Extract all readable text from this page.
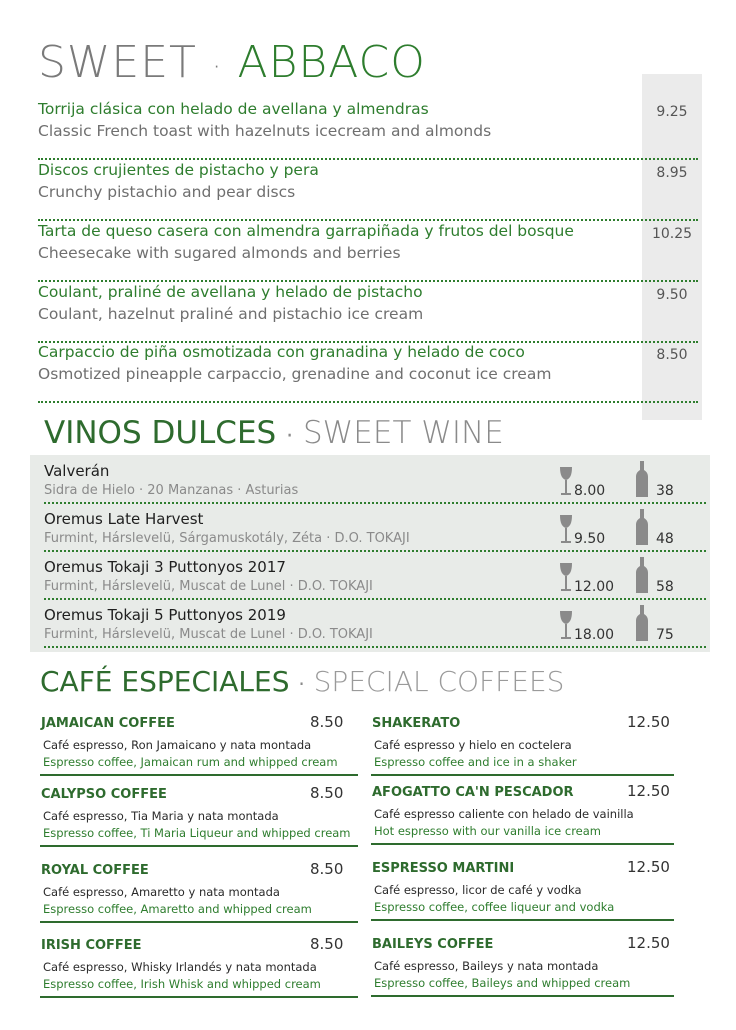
SWEET · ABBACO
Torrija clásica con helado de avellana y almendras
Classic French toast with hazelnuts icecream and almonds
9.25
Discos crujientes de pistacho y pera
Crunchy pistachio and pear discs
8.95
Tarta de queso casera con almendra garrapiñada y frutos del bosque
Cheesecake with sugared almonds and berries
10.25
Coulant, praliné de avellana y helado de pistacho
Coulant, hazelnut praliné and pistachio ice cream
9.50
Carpaccio de piña osmotizada con granadina y helado de coco
Osmotized pineapple carpaccio, grenadine and coconut ice cream
8.50
VINOS DULCES · SWEET WINE
Valverán
Sidra de Hielo · 20 Manzanas · Asturias	8.00	38
Oremus Late Harvest
Furmint, Hárslevelü, Sárgamuskotály, Zéta · D.O. TOKAJI	9.50	48
Oremus Tokaji 3 Puttonyos 2017
Furmint, Hárslevelü, Muscat de Lunel · D.O. TOKAJI	12.00	58
Oremus Tokaji 5 Puttonyos 2019
Furmint, Hárslevelü, Muscat de Lunel · D.O. TOKAJI	18.00	75
CAFÉ ESPECIALES · SPECIAL COFFEES
JAMAICAN COFFEE	8.50
Café espresso, Ron Jamaicano y nata montada
Espresso coffee, Jamaican rum and whipped cream
CALYPSO COFFEE	8.50
Café espresso, Tia Maria y nata montada
Espresso coffee, Ti Maria Liqueur and whipped cream
ROYAL COFFEE	8.50
Café espresso, Amaretto y nata montada
Espresso coffee, Amaretto and whipped cream
IRISH COFFEE	8.50
Café espresso, Whisky Irlandés y nata montada
Espresso coffee, Irish Whisk and whipped cream
SHAKERATO	12.50
Café espresso y hielo en coctelera
Espresso coffee and ice in a shaker
AFOGATTO CA'N PESCADOR	12.50
Café espresso caliente con helado de vainilla
Hot espresso with our vanilla ice cream
ESPRESSO MARTINI	12.50
Café espresso, licor de café y vodka
Espresso coffee, coffee liqueur and vodka
BAILEYS COFFEE	12.50
Café espresso, Baileys y nata montada
Espresso coffee, Baileys and whipped cream
